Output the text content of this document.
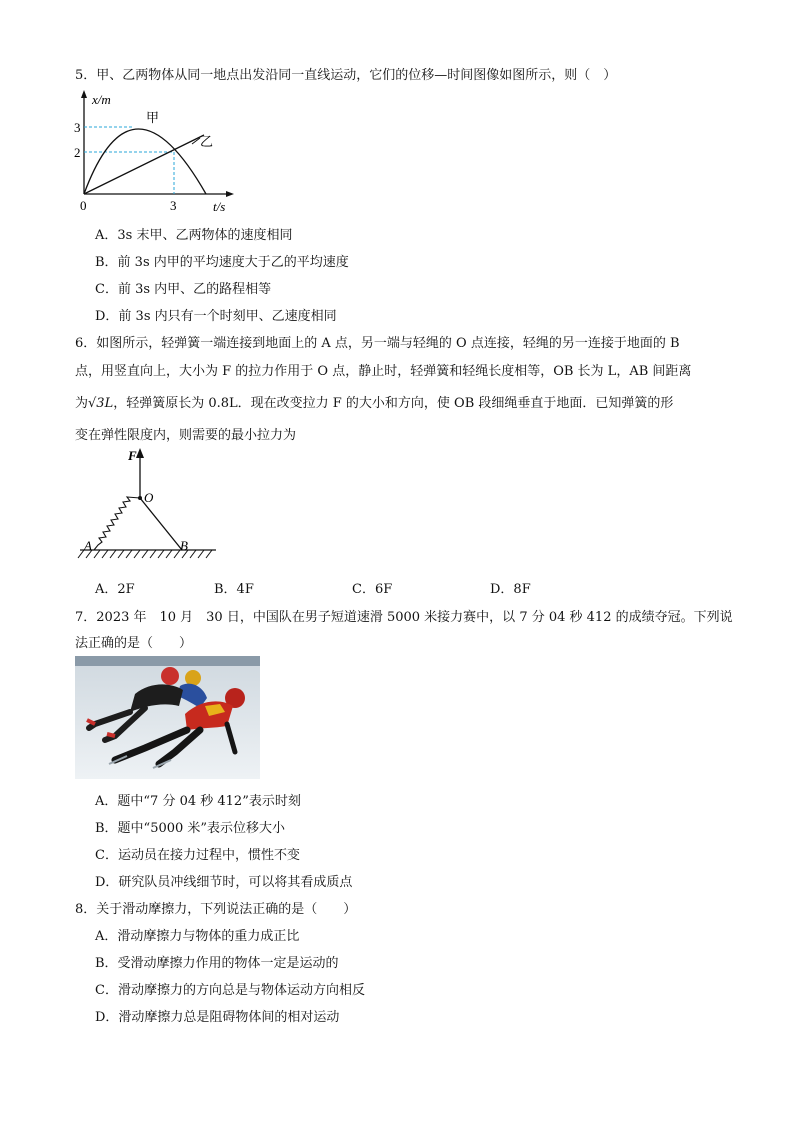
5．甲、乙两物体从同一地点出发沿同一直线运动，它们的位移—时间图像如图所示，则（　）
x/m
3
2
0	3	t/s
甲
乙
A．3s 末甲、乙两物体的速度相同
B．前 3s 内甲的平均速度大于乙的平均速度
C．前 3s 内甲、乙的路程相等
D．前 3s 内只有一个时刻甲、乙速度相同
6．如图所示，轻弹簧一端连接到地面上的 A 点，另一端与轻绳的 O 点连接，轻绳的另一连接于地面的 B
点，用竖直向上，大小为 F 的拉力作用于 O 点，静止时，轻弹簧和轻绳长度相等，OB 长为 L，AB 间距离
为√3L，轻弹簧原长为 0.8L．现在改变拉力 F 的大小和方向，使 OB 段细绳垂直于地面．已知弹簧的形
变在弹性限度内，则需要的最小拉力为
F
O
A	B
A．2F	B．4F	C．6F	D．8F
7．2023 年　10 月　30 日，中国队在男子短道速滑 5000 米接力赛中，以 7 分 04 秒 412 的成绩夺冠。下列说
法正确的是（　　）
A．题中“7 分 04 秒 412”表示时刻
B．题中“5000 米”表示位移大小
C．运动员在接力过程中，惯性不变
D．研究队员冲线细节时，可以将其看成质点
8．关于滑动摩擦力，下列说法正确的是（　　）
A．滑动摩擦力与物体的重力成正比
B．受滑动摩擦力作用的物体一定是运动的
C．滑动摩擦力的方向总是与物体运动方向相反
D．滑动摩擦力总是阻碍物体间的相对运动
